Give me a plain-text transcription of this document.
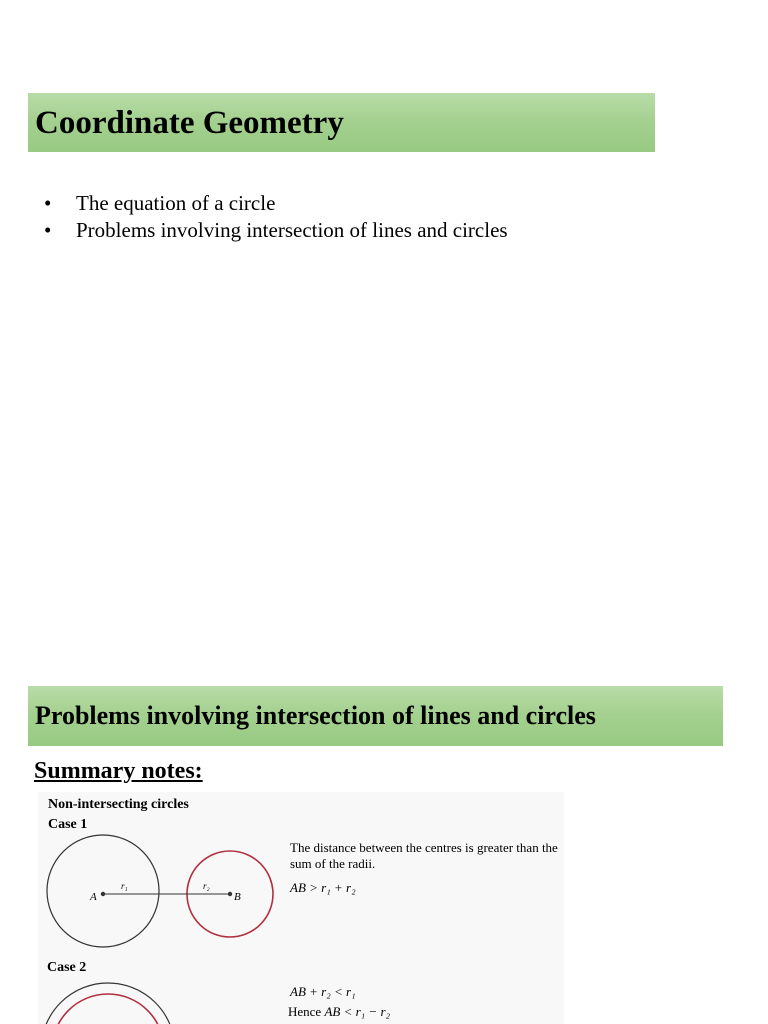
Coordinate Geometry
• The equation of a circle
• Problems involving intersection of lines and circles
Problems involving intersection of lines and circles
Summary notes:
A	B
r₁	r₂
Non-intersecting circles
Case 1
The distance between the centres is greater than the sum of the radii.
AB > r₁ + r₂
Case 2
AB + r₂ < r₁
Hence AB < r₁ − r₂
